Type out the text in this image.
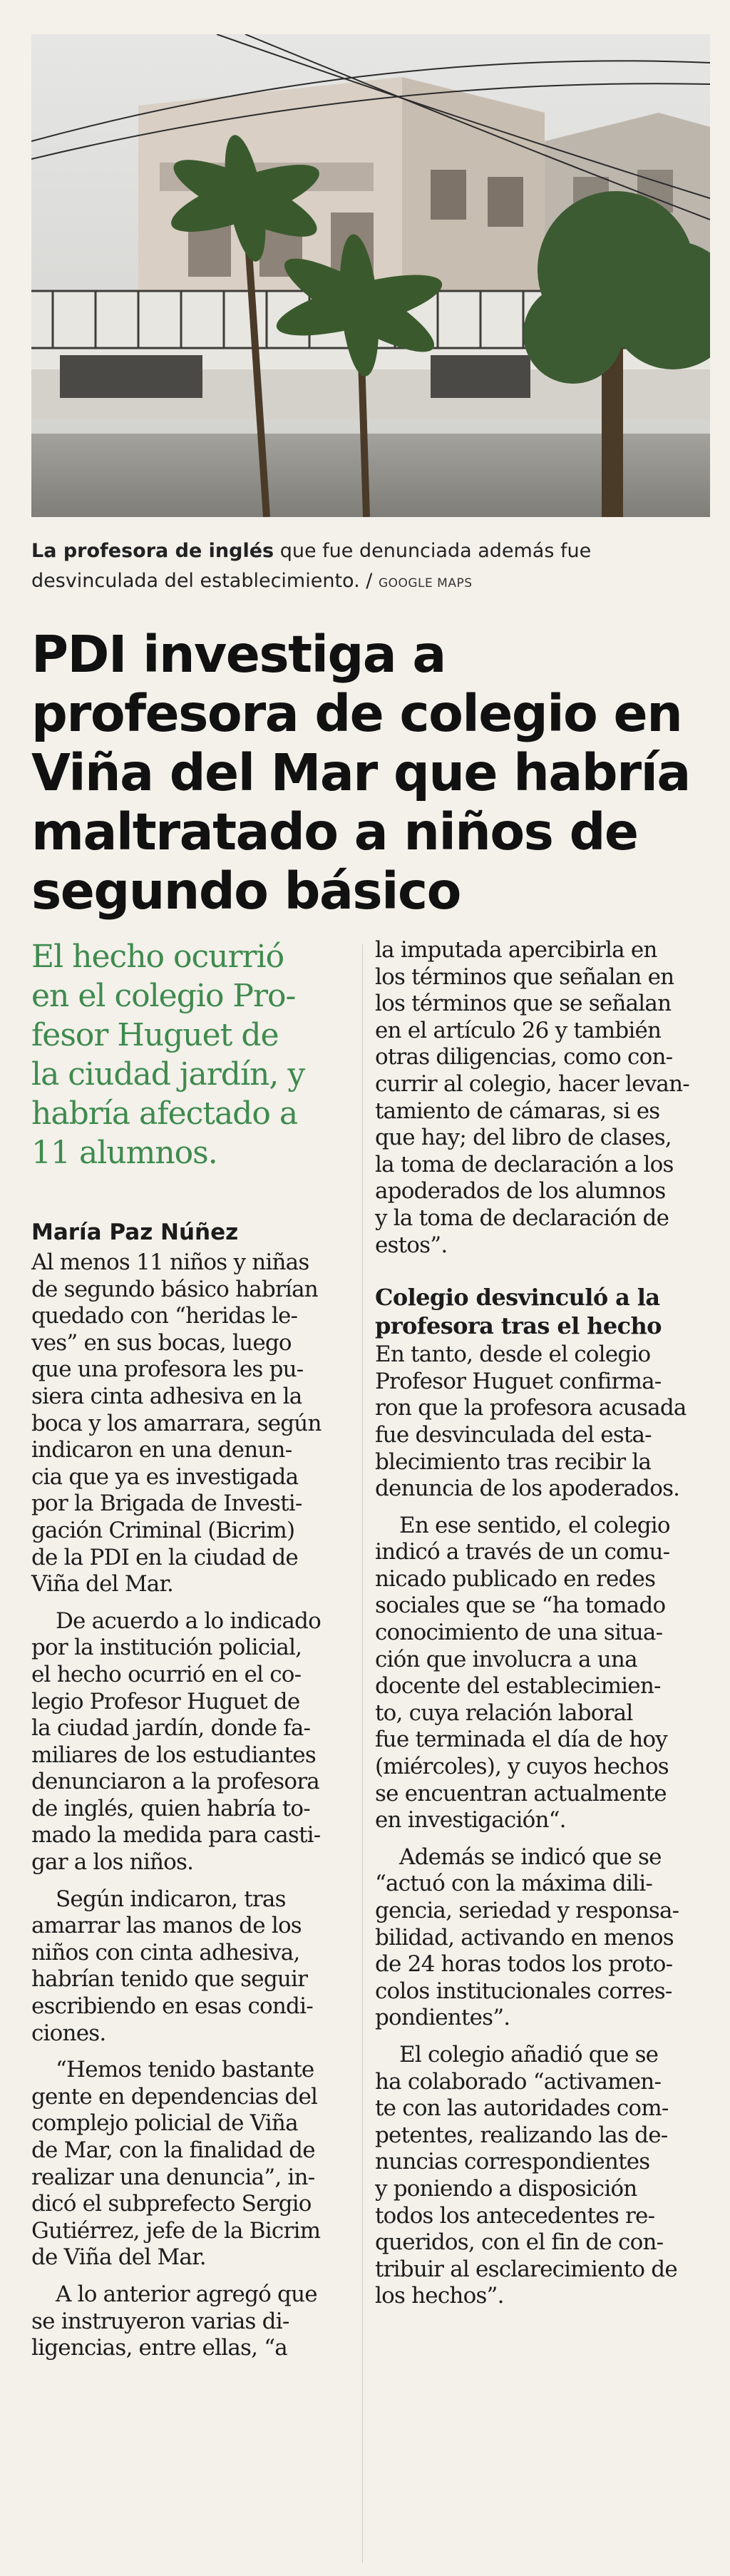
La profesora de inglés que fue denunciada además fue desvinculada del establecimiento. / GOOGLE MAPS
PDI investiga a
profesora de colegio en
Viña del Mar que habría
maltratado a niños de
segundo básico
El hecho ocurrió
en el colegio Pro-
fesor Huguet de
la ciudad jardín, y
habría afectado a
11 alumnos.
María Paz Núñez
Al menos 11 niños y niñas
de segundo básico habrían
quedado con “heridas le-
ves” en sus bocas, luego
que una profesora les pu-
siera cinta adhesiva en la
boca y los amarrara, según
indicaron en una denun-
cia que ya es investigada
por la Brigada de Investi-
gación Criminal (Bicrim)
de la PDI en la ciudad de
Viña del Mar.
De acuerdo a lo indicado
por la institución policial,
el hecho ocurrió en el co-
legio Profesor Huguet de
la ciudad jardín, donde fa-
miliares de los estudiantes
denunciaron a la profesora
de inglés, quien habría to-
mado la medida para casti-
gar a los niños.
Según indicaron, tras
amarrar las manos de los
niños con cinta adhesiva,
habrían tenido que seguir
escribiendo en esas condi-
ciones.
“Hemos tenido bastante
gente en dependencias del
complejo policial de Viña
de Mar, con la finalidad de
realizar una denuncia”, in-
dicó el subprefecto Sergio
Gutiérrez, jefe de la Bicrim
de Viña del Mar.
A lo anterior agregó que
se instruyeron varias di-
ligencias, entre ellas, “a
la imputada apercibirla en
los términos que señalan en
los términos que se señalan
en el artículo 26 y también
otras diligencias, como con-
currir al colegio, hacer levan-
tamiento de cámaras, si es
que hay; del libro de clases,
la toma de declaración a los
apoderados de los alumnos
y la toma de declaración de
estos”.
Colegio desvinculó a la
profesora tras el hecho
En tanto, desde el colegio
Profesor Huguet confirma-
ron que la profesora acusada
fue desvinculada del esta-
blecimiento tras recibir la
denuncia de los apoderados.
En ese sentido, el colegio
indicó a través de un comu-
nicado publicado en redes
sociales que se “ha tomado
conocimiento de una situa-
ción que involucra a una
docente del establecimien-
to, cuya relación laboral
fue terminada el día de hoy
(miércoles), y cuyos hechos
se encuentran actualmente
en investigación“.
Además se indicó que se
“actuó con la máxima dili-
gencia, seriedad y responsa-
bilidad, activando en menos
de 24 horas todos los proto-
colos institucionales corres-
pondientes”.
El colegio añadió que se
ha colaborado “activamen-
te con las autoridades com-
petentes, realizando las de-
nuncias correspondientes
y poniendo a disposición
todos los antecedentes re-
queridos, con el fin de con-
tribuir al esclarecimiento de
los hechos”.
